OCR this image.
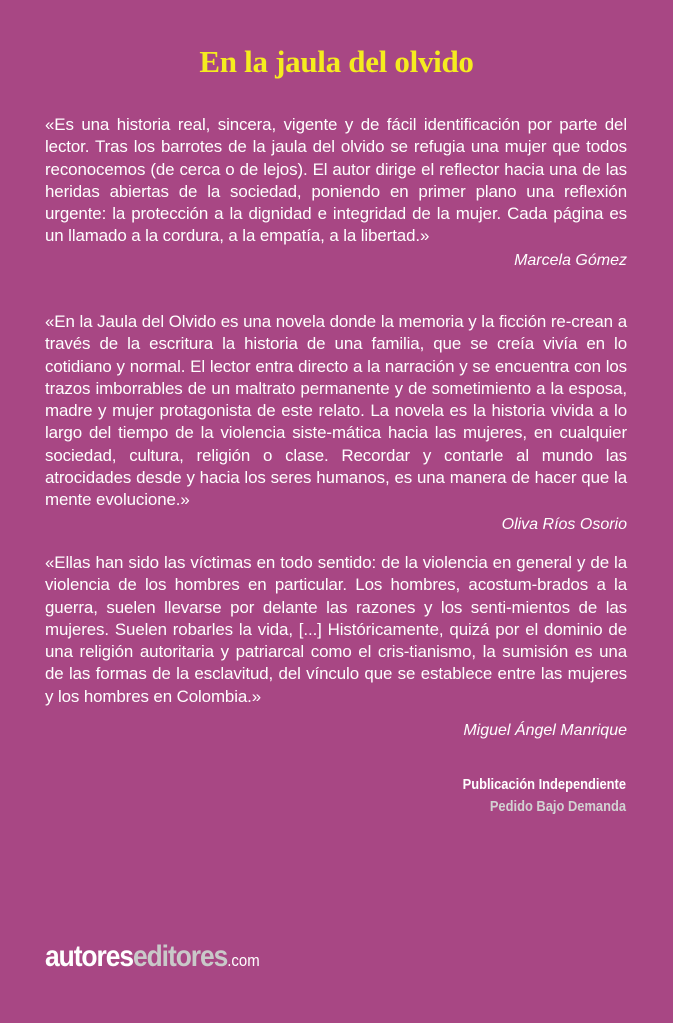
En la jaula del olvido

«Es una historia real, sincera, vigente y de fácil identificación por parte del lector. Tras los barrotes de la jaula del olvido se refugia una mujer que todos reconocemos (de cerca o de lejos). El autor dirige el reflector hacia una de las heridas abiertas de la sociedad, poniendo en primer plano una reflexión urgente: la protección a la dignidad e integridad de la mujer. Cada página es un llamado a la cordura, a la empatía, a la libertad.»

Marcela Gómez

«En la Jaula del Olvido es una novela donde la memoria y la ficción re-crean a través de la escritura la historia de una familia, que se creía vivía en lo cotidiano y normal. El lector entra directo a la narración y se encuentra con los trazos imborrables de un maltrato permanente y de sometimiento a la esposa, madre y mujer protagonista de este relato. La novela es la historia vivida a lo largo del tiempo de la violencia siste-mática hacia las mujeres, en cualquier sociedad, cultura, religión o clase. Recordar y contarle al mundo las atrocidades desde y hacia los seres humanos, es una manera de hacer que la mente evolucione.»

Oliva Ríos Osorio

«Ellas han sido las víctimas en todo sentido: de la violencia en general y de la violencia de los hombres en particular. Los hombres, acostum-brados a la guerra, suelen llevarse por delante las razones y los senti-mientos de las mujeres. Suelen robarles la vida, [...] Históricamente, quizá por el dominio de una religión autoritaria y patriarcal como el cris-tianismo, la sumisión es una de las formas de la esclavitud, del vínculo que se establece entre las mujeres y los hombres en Colombia.»

Miguel Ángel Manrique
Publicación Independiente
Pedido Bajo Demanda
autoreseditores.com
